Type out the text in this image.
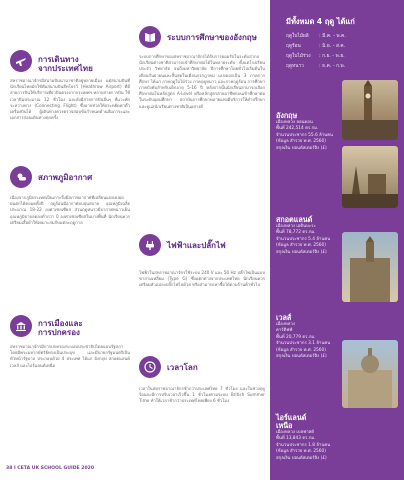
การเดินทาง
จากประเทศไทย

สหราชอาณาจักรมีสนามบินนานาชาติอยู่หลายเมือง แต่สนามบินที่นักเรียนไทยมักใช้คือสนามบินฮีทโธรว์ (Heathrow Airport) ที่มีสายการบินให้บริการเที่ยวบินตรงจากกรุงเทพฯ หลายสายการบิน ใช้เวลาบินประมาณ 12 ชั่วโมง และยังมีสายการบินอื่นๆ ที่แวะพักระหว่างทาง (Connecting Flight) ซึ่งอาจช่วยให้ประหยัดค่าตั๋วเครื่องบินได้ ผู้เดินทางควรตรวจสอบข้อกำหนดด้านสัมภาระและเอกสารก่อนเดินทางทุกครั้ง

สภาพภูมิอากาศ

เนื่องจากภูมิประเทศเป็นเกาะจึงมีสภาพอากาศที่เปลี่ยนแปลงบ่อย ฝนตกได้ตลอดทั้งปี ฤดูร้อนมีอากาศอบอุ่นสบาย อุณหภูมิเฉลี่ยประมาณ 18-22 องศาเซลเซียส ส่วนฤดูหนาวมีอากาศหนาวเย็น อุณหภูมิอาจลดลงต่ำกว่า 0 องศาเซลเซียสในบางพื้นที่ นักเรียนควรเตรียมเสื้อผ้าให้เหมาะสมกับแต่ละฤดูกาล

การเมืองและ
การปกครอง

สหราชอาณาจักรมีการปกครองระบอบประชาธิปไตยแบบรัฐสภา โดยมีพระมหากษัตริย์ทรงเป็นประมุข และมีนายกรัฐมนตรีเป็นหัวหน้ารัฐบาล ประกอบด้วย 4 ประเทศ ได้แก่ อังกฤษ สกอตแลนด์ เวลส์ และไอร์แลนด์เหนือ

38 I CETA UK SCHOOL GUIDE 2020

ระบบการศึกษาของอังกฤษ

ระบบการศึกษาของสหราชอาณาจักรได้รับการยอมรับในระดับสากล นักเรียนต่างชาติสามารถเข้าศึกษาต่อได้ในหลายระดับ ตั้งแต่โรงเรียนประจำ วิทยาลัย จนถึงมหาวิทยาลัย ปีการศึกษาโดยทั่วไปเริ่มต้นในเดือนกันยายนและสิ้นสุดในเดือนกรกฎาคม แบ่งออกเป็น 3 ภาคการศึกษา ได้แก่ ภาคฤดูใบไม้ร่วง ภาคฤดูหนาว และภาคฤดูร้อน การศึกษาภาคบังคับสำหรับเด็กอายุ 5-16 ปี หลังจากนั้นนักเรียนสามารถเลือกศึกษาต่อในหลักสูตร A-Level หรือหลักสูตรสายอาชีพก่อนเข้าศึกษาต่อในระดับอุดมศึกษา สถาบันการศึกษาหลายแห่งมีบริการให้คำปรึกษาและดูแลนักเรียนต่างชาติเป็นอย่างดี

ไฟฟ้าและปลั๊กไฟ

ไฟฟ้าในสหราชอาณาจักรใช้ระบบ 240 V และ 50 Hz ปลั๊กไฟเป็นแบบขาสามเหลี่ยม (Type G) ซึ่งแตกต่างจากประเทศไทย นักเรียนควรเตรียมหัวแปลงปลั๊กไฟไปด้วย หรือสามารถหาซื้อได้ตามร้านค้าทั่วไป

เวลาโลก

เวลาในสหราชอาณาจักรช้ากว่าประเทศไทย 7 ชั่วโมง และในช่วงฤดูร้อนจะมีการปรับเวลาเร็วขึ้น 1 ชั่วโมงตามระบบ British Summer Time ทำให้เวลาช้ากว่าประเทศไทยเพียง 6 ชั่วโมง

มีทั้งหมด 4 ฤดู ได้แก่

ฤดูใบไม้ผลิ : มี.ค. - พ.ค.
ฤดูร้อน	: มิ.ย. - ส.ค.
ฤดูใบไม้ร่วง : ก.ย. - พ.ย.
ฤดูหนาว	: ธ.ค. - ก.พ.
อังกฤษ

เมืองหลวง ลอนดอน

พื้นที่ 242,514 ตร.กม.

จำนวนประชากร 55.6 ล้านคน

(ข้อมูล สำรวจ พ.ศ. 2560)

สกุลเงิน ปอนด์สเตอร์ลิง (£)

สกอตแลนด์

เมืองหลวง เอดินบะระ

พื้นที่ 78,772 ตร.กม.

จำนวนประชากร 5.4 ล้านคน

(ข้อมูล สำรวจ พ.ศ. 2560)

สกุลเงิน ปอนด์สเตอร์ลิง (£)

เวลส์

เมืองหลวง

คาร์ดิฟฟ์

พื้นที่ 20,779 ตร.กม.

จำนวนประชากร 3.1 ล้านคน

(ข้อมูล สำรวจ พ.ศ. 2560)

สกุลเงิน ปอนด์สเตอร์ลิง (£)

ไอร์แลนด์
เหนือ

เมืองหลวง เบลฟาสต์

พื้นที่ 13,843 ตร.กม.

จำนวนประชากร 1.8 ล้านคน

(ข้อมูล สำรวจ พ.ศ. 2560)

สกุลเงิน ปอนด์สเตอร์ลิง (£)
